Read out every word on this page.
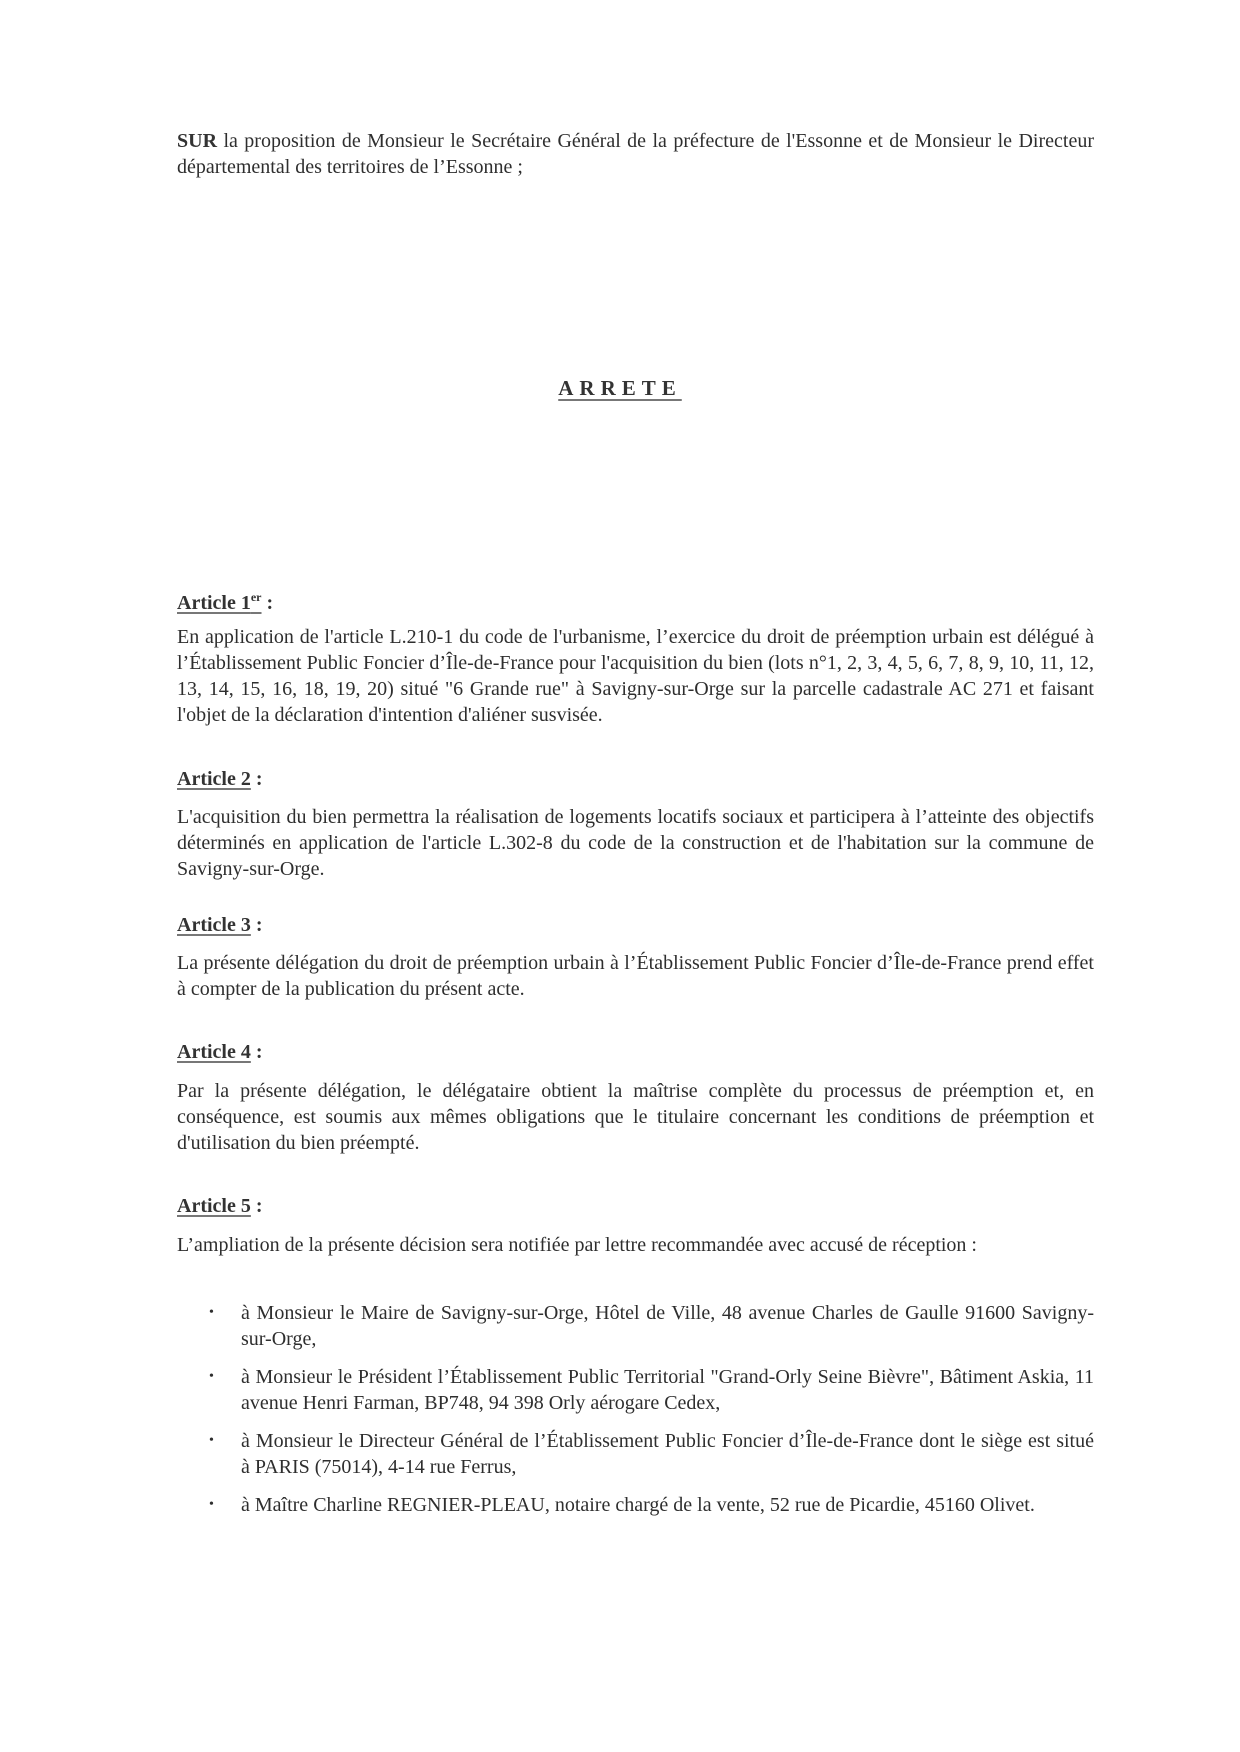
SUR la proposition de Monsieur le Secrétaire Général de la préfecture de l'Essonne et de Monsieur le Directeur départemental des territoires de l’Essonne ;
ARRETE
Article 1er :
En application de l'article L.210-1 du code de l'urbanisme, l’exercice du droit de préemption urbain est délégué à l’Établissement Public Foncier d’Île-de-France pour l'acquisition du bien (lots n°1, 2, 3, 4, 5, 6, 7, 8, 9, 10, 11, 12, 13, 14, 15, 16, 18, 19, 20) situé "6 Grande rue" à Savigny-sur-Orge sur la parcelle cadastrale AC 271 et faisant l'objet de la déclaration d'intention d'aliéner susvisée.
Article 2 :
L'acquisition du bien permettra la réalisation de logements locatifs sociaux et participera à l’atteinte des objectifs déterminés en application de l'article L.302-8 du code de la construction et de l'habitation sur la commune de Savigny-sur-Orge.
Article 3 :
La présente délégation du droit de préemption urbain à l’Établissement Public Foncier d’Île-de-France prend effet à compter de la publication du présent acte.
Article 4 :
Par la présente délégation, le délégataire obtient la maîtrise complète du processus de préemption et, en conséquence, est soumis aux mêmes obligations que le titulaire concernant les conditions de préemption et d'utilisation du bien préempté.
Article 5 :
L’ampliation de la présente décision sera notifiée par lettre recommandée avec accusé de réception :
• à Monsieur le Maire de Savigny-sur-Orge, Hôtel de Ville, 48 avenue Charles de Gaulle 91600 Savigny-sur-Orge,
• à Monsieur le Président l’Établissement Public Territorial "Grand-Orly Seine Bièvre", Bâtiment Askia, 11 avenue Henri Farman, BP748, 94 398 Orly aérogare Cedex,
• à Monsieur le Directeur Général de l’Établissement Public Foncier d’Île-de-France dont le siège est situé à PARIS (75014), 4-14 rue Ferrus,
• à Maître Charline REGNIER-PLEAU, notaire chargé de la vente, 52 rue de Picardie, 45160 Olivet.
